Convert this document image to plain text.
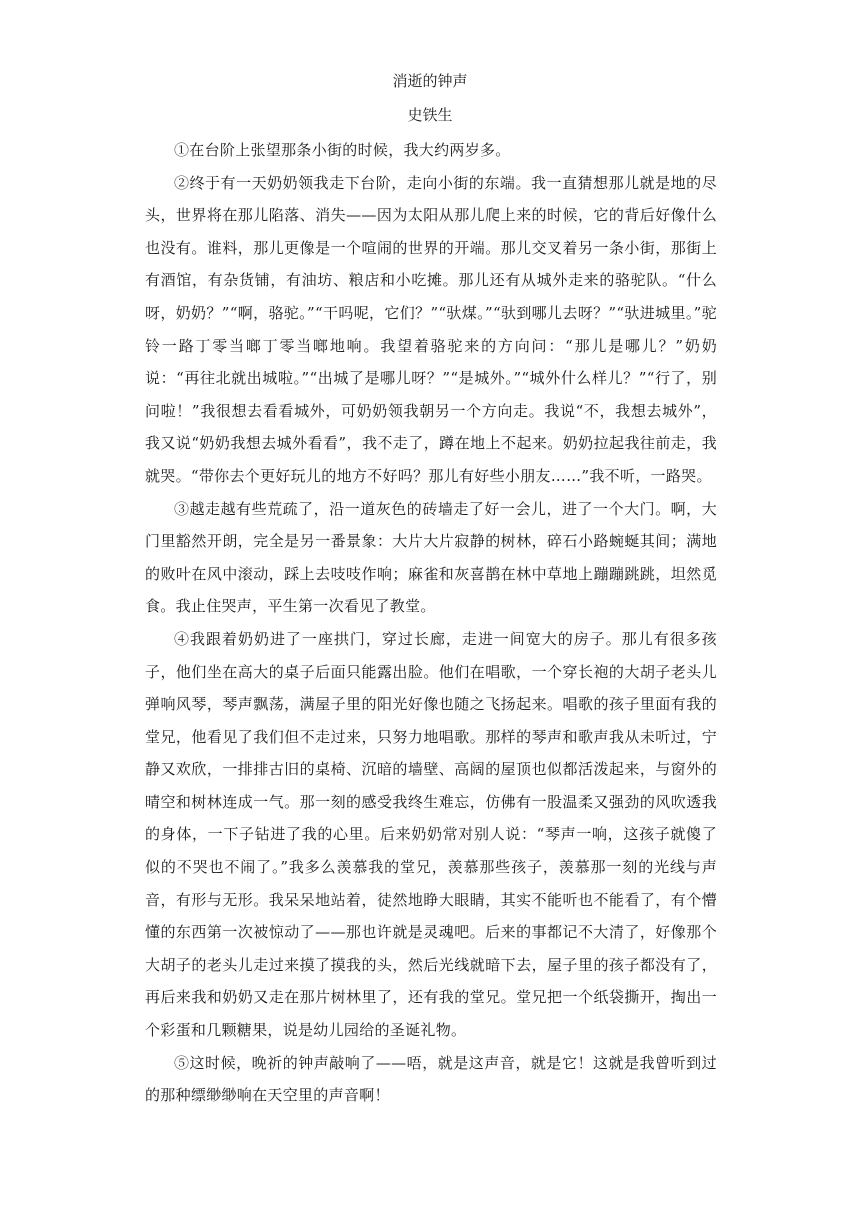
消逝的钟声
史铁生

①在台阶上张望那条小街的时候，我大约两岁多。

②终于有一天奶奶领我走下台阶，走向小街的东端。我一直猜想那儿就是地的尽头，世界将在那儿陷落、消失——因为太阳从那儿爬上来的时候，它的背后好像什么也没有。谁料，那儿更像是一个喧闹的世界的开端。那儿交叉着另一条小街，那街上有酒馆，有杂货铺，有油坊、粮店和小吃摊。那儿还有从城外走来的骆驼队。“什么呀，奶奶？”“啊，骆驼。”“干吗呢，它们？”“驮煤。”“驮到哪儿去呀？”“驮进城里。”驼铃一路丁零当啷丁零当啷地响。我望着骆驼来的方向问：“那儿是哪儿？”奶奶说：“再往北就出城啦。”“出城了是哪儿呀？”“是城外。”“城外什么样儿？”“行了，别问啦！”我很想去看看城外，可奶奶领我朝另一个方向走。我说“不，我想去城外”，我又说“奶奶我想去城外看看”，我不走了，蹲在地上不起来。奶奶拉起我往前走，我就哭。“带你去个更好玩儿的地方不好吗？那儿有好些小朋友……”我不听，一路哭。

③越走越有些荒疏了，沿一道灰色的砖墙走了好一会儿，进了一个大门。啊，大门里豁然开朗，完全是另一番景象：大片大片寂静的树林，碎石小路蜿蜒其间；满地的败叶在风中滚动，踩上去吱吱作响；麻雀和灰喜鹊在林中草地上蹦蹦跳跳，坦然觅食。我止住哭声，平生第一次看见了教堂。

④我跟着奶奶进了一座拱门，穿过长廊，走进一间宽大的房子。那儿有很多孩子，他们坐在高大的桌子后面只能露出脸。他们在唱歌，一个穿长袍的大胡子老头儿弹响风琴，琴声飘荡，满屋子里的阳光好像也随之飞扬起来。唱歌的孩子里面有我的堂兄，他看见了我们但不走过来，只努力地唱歌。那样的琴声和歌声我从未听过，宁静又欢欣，一排排古旧的桌椅、沉暗的墙壁、高阔的屋顶也似都活泼起来，与窗外的晴空和树林连成一气。那一刻的感受我终生难忘，仿佛有一股温柔又强劲的风吹透我的身体，一下子钻进了我的心里。后来奶奶常对别人说：“琴声一响，这孩子就傻了似的不哭也不闹了。”我多么羡慕我的堂兄，羡慕那些孩子，羡慕那一刻的光线与声音，有形与无形。我呆呆地站着，徒然地睁大眼睛，其实不能听也不能看了，有个懵懂的东西第一次被惊动了——那也许就是灵魂吧。后来的事都记不大清了，好像那个大胡子的老头儿走过来摸了摸我的头，然后光线就暗下去，屋子里的孩子都没有了，再后来我和奶奶又走在那片树林里了，还有我的堂兄。堂兄把一个纸袋撕开，掏出一个彩蛋和几颗糖果，说是幼儿园给的圣诞礼物。

⑤这时候，晚祈的钟声敲响了——唔，就是这声音，就是它！这就是我曾听到过的那种缥缈缈响在天空里的声音啊！
